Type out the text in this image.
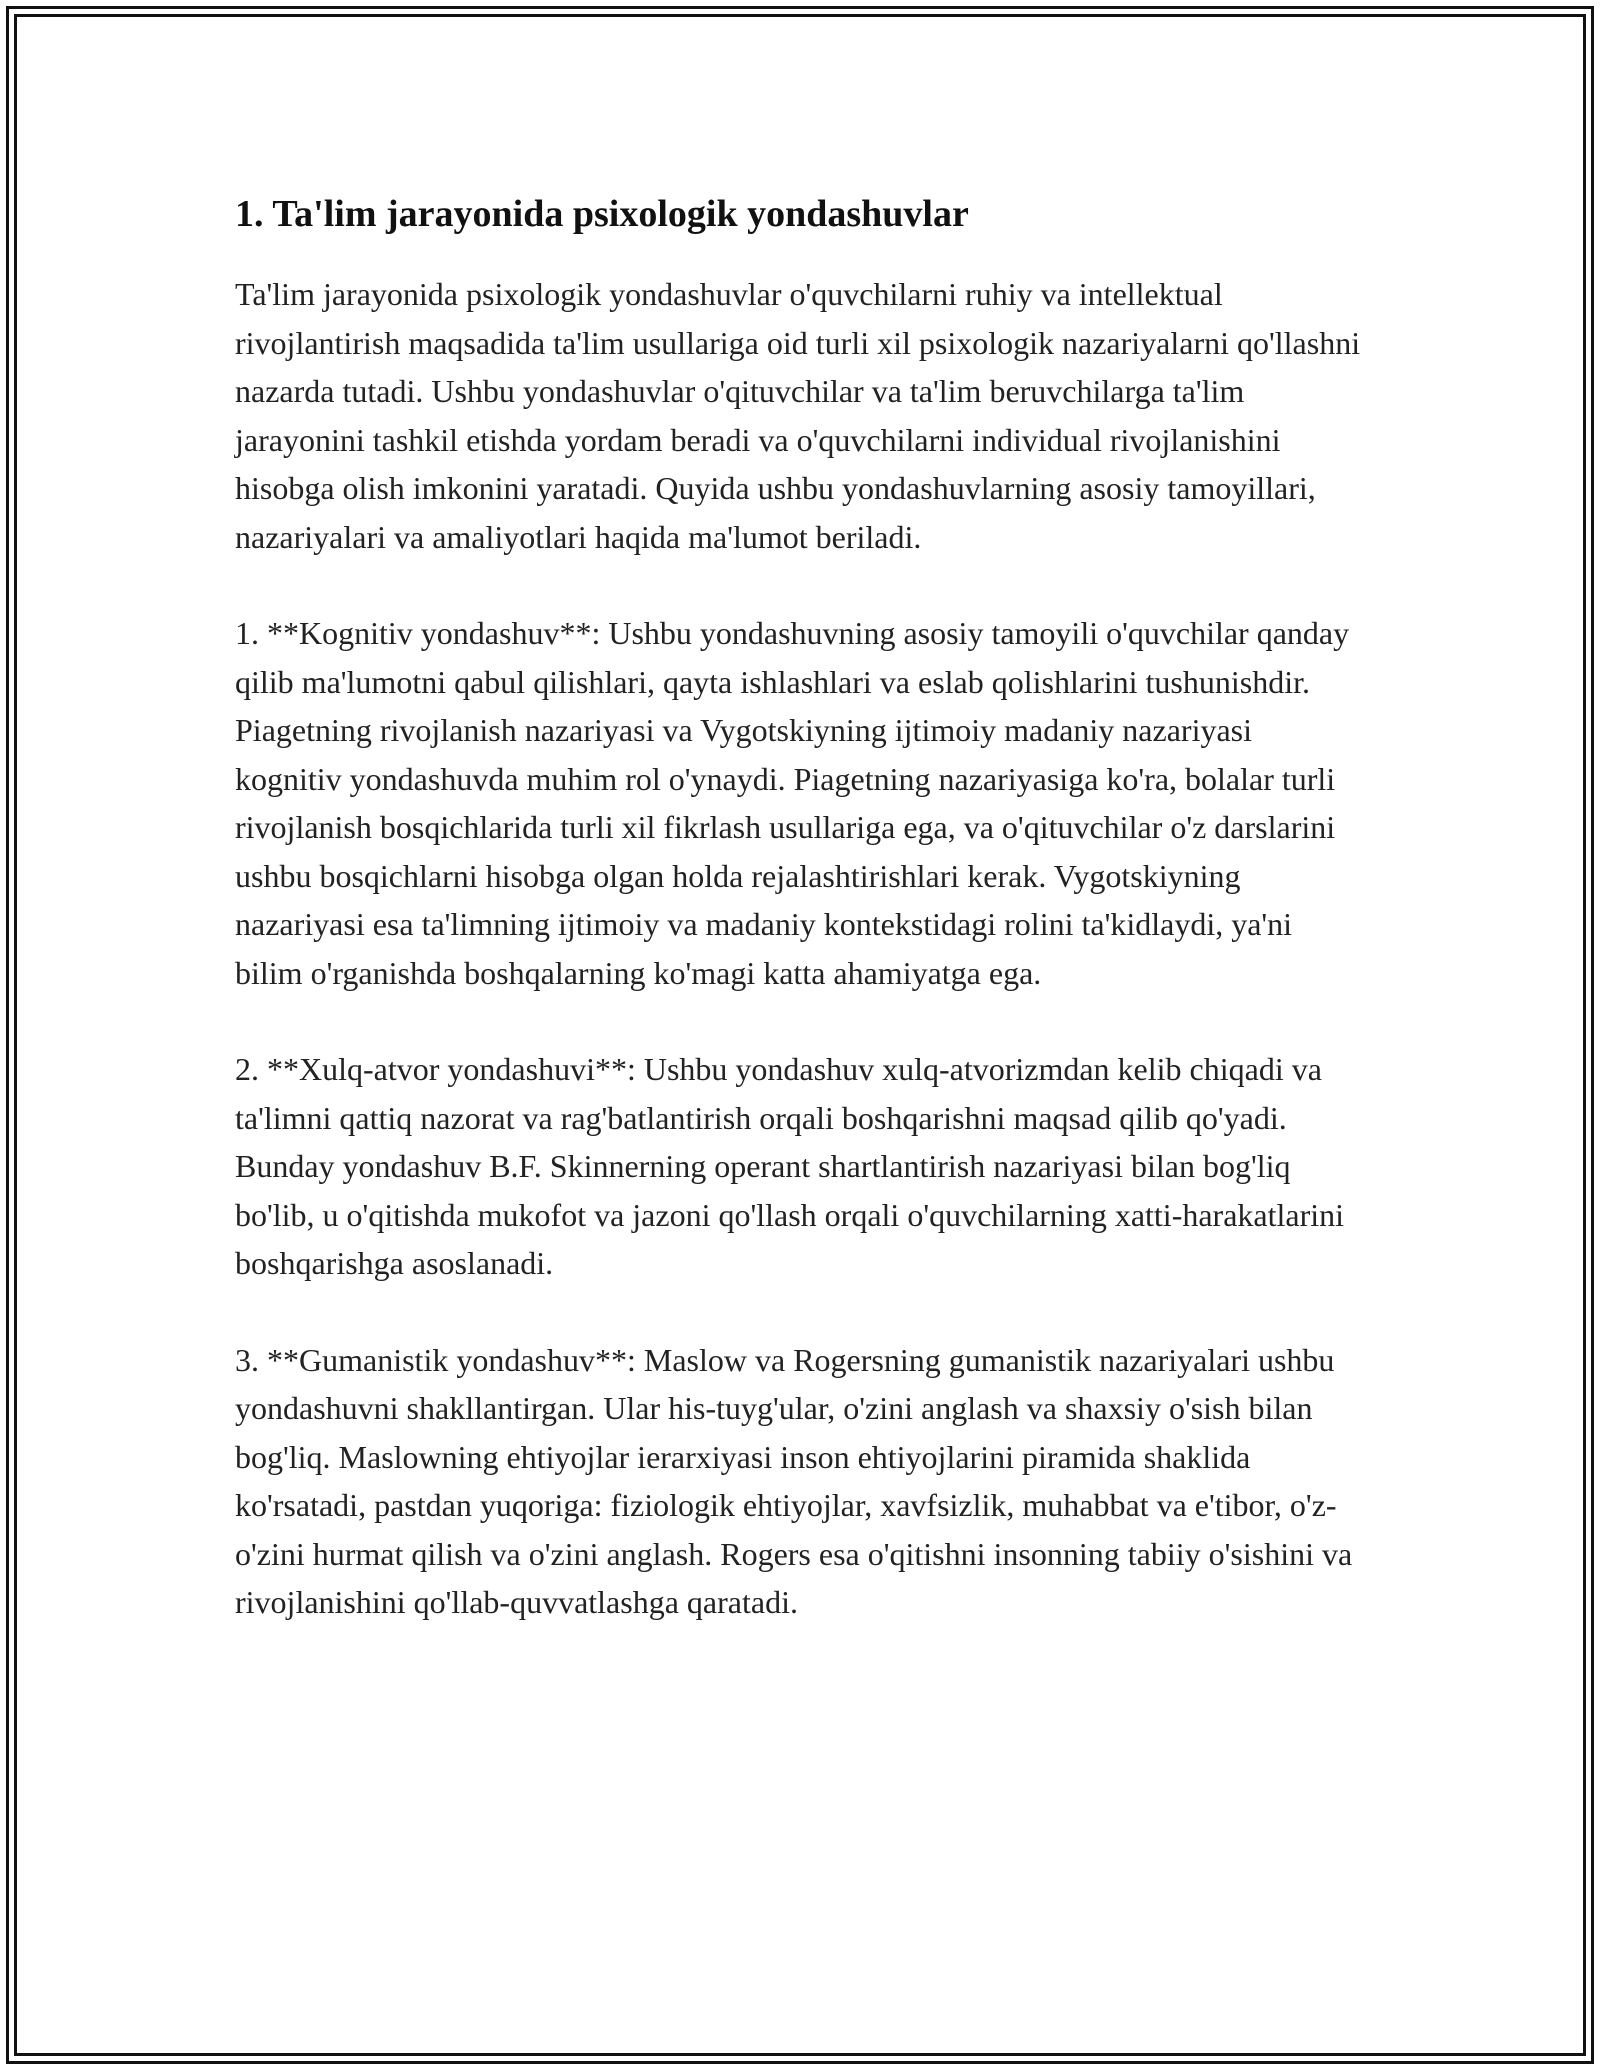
1. Ta'lim jarayonida psixologik yondashuvlar

Ta'lim jarayonida psixologik yondashuvlar o'quvchilarni ruhiy va intellektual rivojlantirish maqsadida ta'lim usullariga oid turli xil psixologik nazariyalarni qo'llashni nazarda tutadi. Ushbu yondashuvlar o'qituvchilar va ta'lim beruvchilarga ta'lim jarayonini tashkil etishda yordam beradi va o'quvchilarni individual rivojlanishini hisobga olish imkonini yaratadi. Quyida ushbu yondashuvlarning asosiy tamoyillari, nazariyalari va amaliyotlari haqida ma'lumot beriladi.

1. **Kognitiv yondashuv**: Ushbu yondashuvning asosiy tamoyili o'quvchilar qanday qilib ma'lumotni qabul qilishlari, qayta ishlashlari va eslab qolishlarini tushunishdir. Piagetning rivojlanish nazariyasi va Vygotskiyning ijtimoiy madaniy nazariyasi kognitiv yondashuvda muhim rol o'ynaydi. Piagetning nazariyasiga ko'ra, bolalar turli rivojlanish bosqichlarida turli xil fikrlash usullariga ega, va o'qituvchilar o'z darslarini ushbu bosqichlarni hisobga olgan holda rejalashtirishlari kerak. Vygotskiyning nazariyasi esa ta'limning ijtimoiy va madaniy kontekstidagi rolini ta'kidlaydi, ya'ni bilim o'rganishda boshqalarning ko'magi katta ahamiyatga ega.

2. **Xulq-atvor yondashuvi**: Ushbu yondashuv xulq-atvorizmdan kelib chiqadi va ta'limni qattiq nazorat va rag'batlantirish orqali boshqarishni maqsad qilib qo'yadi. Bunday yondashuv B.F. Skinnerning operant shartlantirish nazariyasi bilan bog'liq bo'lib, u o'qitishda mukofot va jazoni qo'llash orqali o'quvchilarning xatti-harakatlarini boshqarishga asoslanadi.

3. **Gumanistik yondashuv**: Maslow va Rogersning gumanistik nazariyalari ushbu yondashuvni shakllantirgan. Ular his-tuyg'ular, o'zini anglash va shaxsiy o'sish bilan bog'liq. Maslowning ehtiyojlar ierarxiyasi inson ehtiyojlarini piramida shaklida ko'rsatadi, pastdan yuqoriga: fiziologik ehtiyojlar, xavfsizlik, muhabbat va e'tibor, o'z-o'zini hurmat qilish va o'zini anglash. Rogers esa o'qitishni insonning tabiiy o'sishini va rivojlanishini qo'llab-quvvatlashga qaratadi.
